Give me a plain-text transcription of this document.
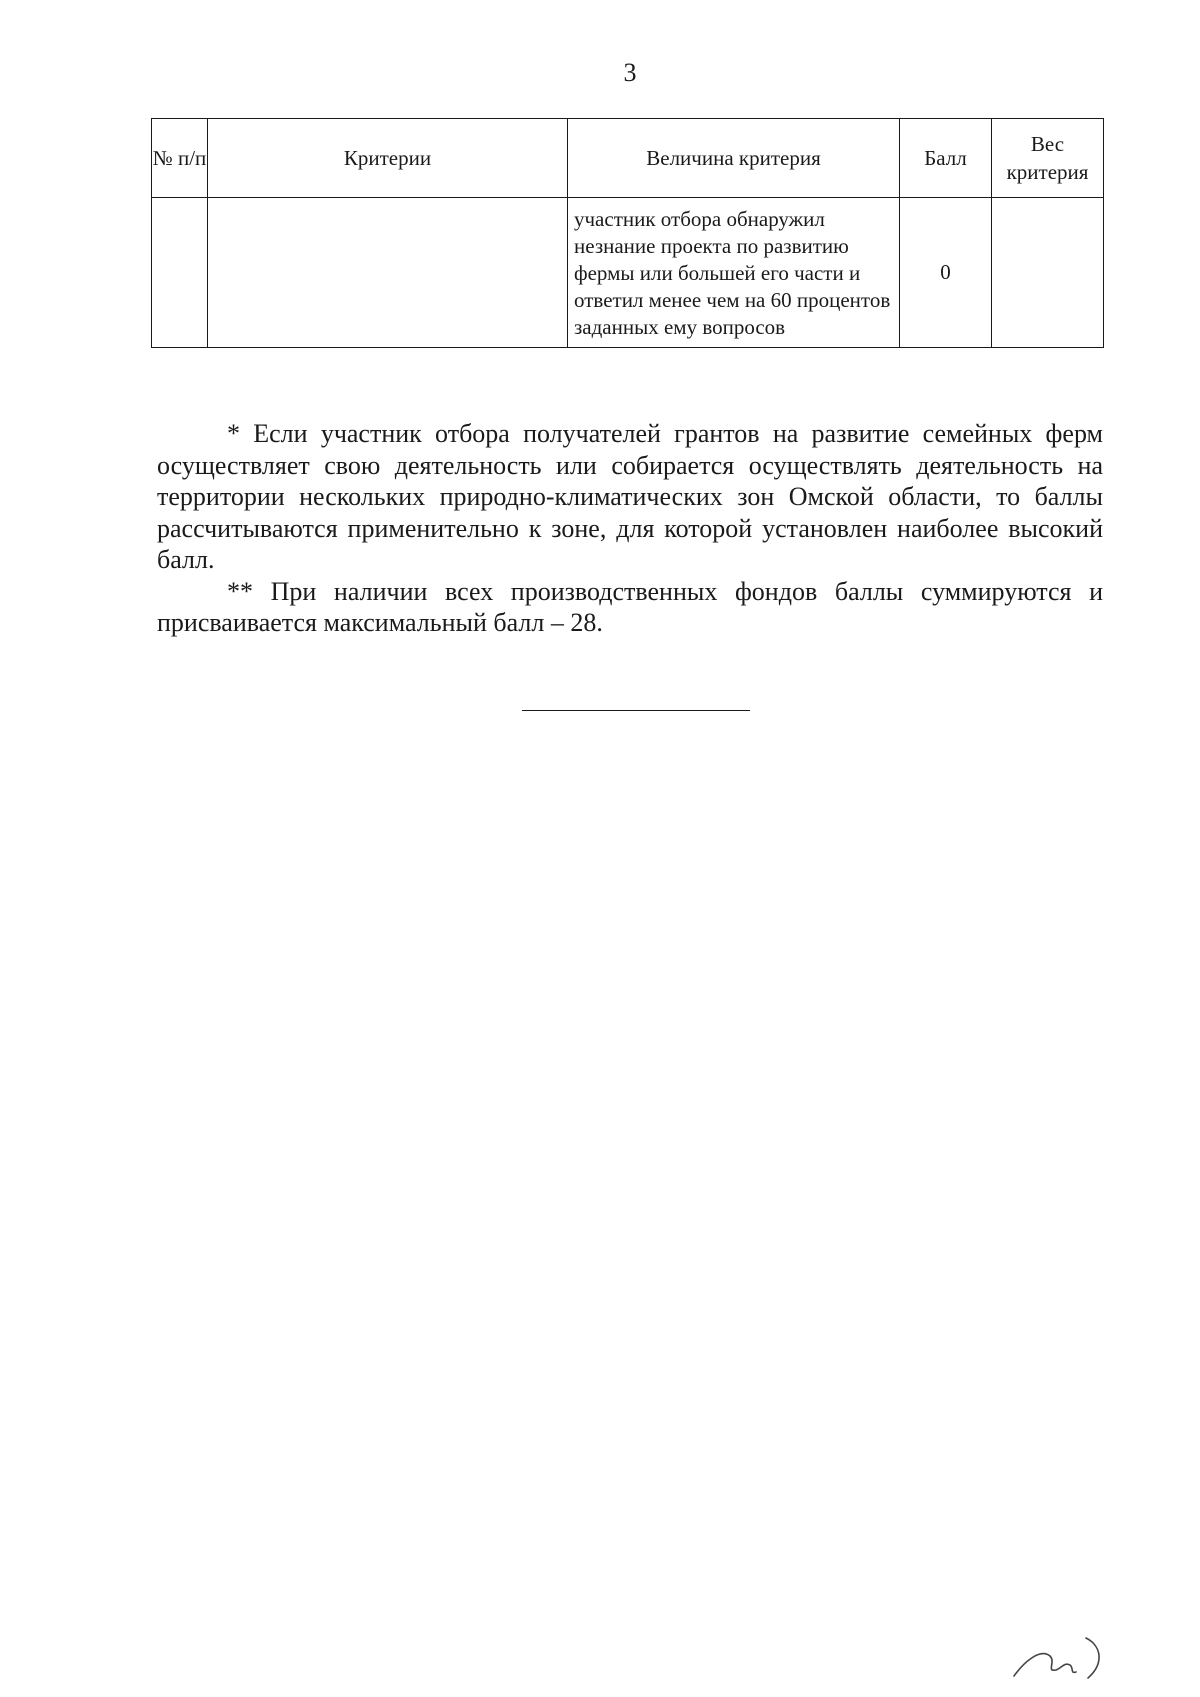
3
№ п/п	Критерии	Величина критерия	Балл	Вес критерия
		участник отбора обнаружил незнание проекта по развитию фермы или большей его части и ответил менее чем на 60 процентов заданных ему вопросов	0	

* Если участник отбора получателей грантов на развитие семейных ферм осуществляет свою деятельность или собирается осуществлять деятельность на территории нескольких природно-климатических зон Омской области, то баллы рассчитываются применительно к зоне, для которой установлен наиболее высокий балл.

** При наличии всех производственных фондов баллы суммируются и присваивается максимальный балл – 28.
